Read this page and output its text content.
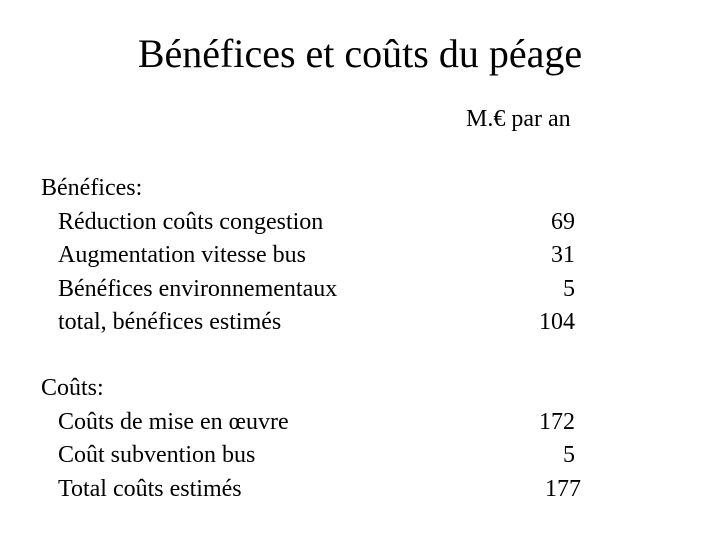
Bénéfices et coûts du péage
M.€ par an
Bénéfices:
Réduction coûts congestion	69
Augmentation vitesse bus	31
Bénéfices environnementaux	5
total, bénéfices estimés	104
Coûts:
Coûts de mise en œuvre	172
Coût subvention bus	5
Total coûts estimés	177
